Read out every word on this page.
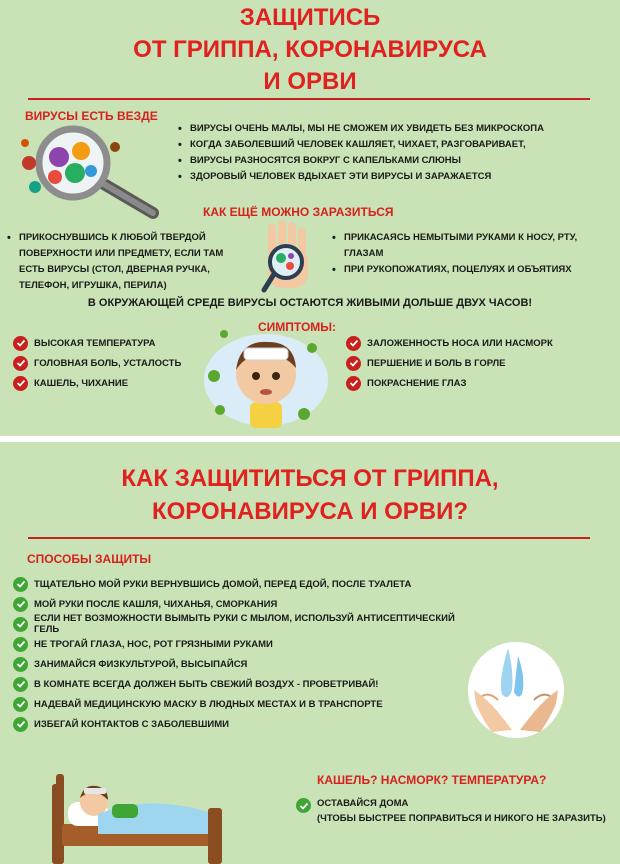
ЗАЩИТИСЬ
ОТ ГРИППА, КОРОНАВИРУСА
И ОРВИ
ВИРУСЫ ЕСТЬ ВЕЗДЕ
• ВИРУСЫ ОЧЕНЬ МАЛЫ, МЫ НЕ СМОЖЕМ ИХ УВИДЕТЬ БЕЗ МИКРОСКОПА
• КОГДА ЗАБОЛЕВШИЙ ЧЕЛОВЕК КАШЛЯЕТ, ЧИХАЕТ, РАЗГОВАРИВАЕТ,
• ВИРУСЫ РАЗНОСЯТСЯ ВОКРУГ С КАПЕЛЬКАМИ СЛЮНЫ
• ЗДОРОВЫЙ ЧЕЛОВЕК ВДЫХАЕТ ЭТИ ВИРУСЫ И ЗАРАЖАЕТСЯ
КАК ЕЩЁ МОЖНО ЗАРАЗИТЬСЯ
• ПРИКОСНУВШИСЬ К ЛЮБОЙ ТВЕРДОЙ ПОВЕРХНОСТИ ИЛИ ПРЕДМЕТУ, ЕСЛИ ТАМ ЕСТЬ ВИРУСЫ (СТОЛ, ДВЕРНАЯ РУЧКА, ТЕЛЕФОН, ИГРУШКА, ПЕРИЛА)
• ПРИКАСАЯСЬ НЕМЫТЫМИ РУКАМИ К НОСУ, РТУ, ГЛАЗАМ
• ПРИ РУКОПОЖАТИЯХ, ПОЦЕЛУЯХ И ОБЪЯТИЯХ
В ОКРУЖАЮЩЕЙ СРЕДЕ ВИРУСЫ ОСТАЮТСЯ ЖИВЫМИ ДОЛЬШЕ ДВУХ ЧАСОВ!
СИМПТОМЫ:
ВЫСОКАЯ ТЕМПЕРАТУРА
ГОЛОВНАЯ БОЛЬ, УСТАЛОСТЬ
КАШЕЛЬ, ЧИХАНИЕ
ЗАЛОЖЕННОСТЬ НОСА ИЛИ НАСМОРК
ПЕРШЕНИЕ И БОЛЬ В ГОРЛЕ
ПОКРАСНЕНИЕ ГЛАЗ
КАК ЗАЩИТИТЬСЯ ОТ ГРИППА,
КОРОНАВИРУСА И ОРВИ?
СПОСОБЫ ЗАЩИТЫ
ТЩАТЕЛЬНО МОЙ РУКИ ВЕРНУВШИСЬ ДОМОЙ, ПЕРЕД ЕДОЙ, ПОСЛЕ ТУАЛЕТА
МОЙ РУКИ ПОСЛЕ КАШЛЯ, ЧИХАНЬЯ, СМОРКАНИЯ
ЕСЛИ НЕТ ВОЗМОЖНОСТИ ВЫМЫТЬ РУКИ С МЫЛОМ, ИСПОЛЬЗУЙ АНТИСЕПТИЧЕСКИЙ ГЕЛЬ
НЕ ТРОГАЙ ГЛАЗА, НОС, РОТ ГРЯЗНЫМИ РУКАМИ
ЗАНИМАЙСЯ ФИЗКУЛЬТУРОЙ, ВЫСЫПАЙСЯ
В КОМНАТЕ ВСЕГДА ДОЛЖЕН БЫТЬ СВЕЖИЙ ВОЗДУХ - ПРОВЕТРИВАЙ!
НАДЕВАЙ МЕДИЦИНСКУЮ МАСКУ В ЛЮДНЫХ МЕСТАХ И В ТРАНСПОРТЕ
ИЗБЕГАЙ КОНТАКТОВ С ЗАБОЛЕВШИМИ
КАШЕЛЬ? НАСМОРК? ТЕМПЕРАТУРА?
ОСТАВАЙСЯ ДОМА
(ЧТОБЫ БЫСТРЕЕ ПОПРАВИТЬСЯ И НИКОГО НЕ ЗАРАЗИТЬ)
